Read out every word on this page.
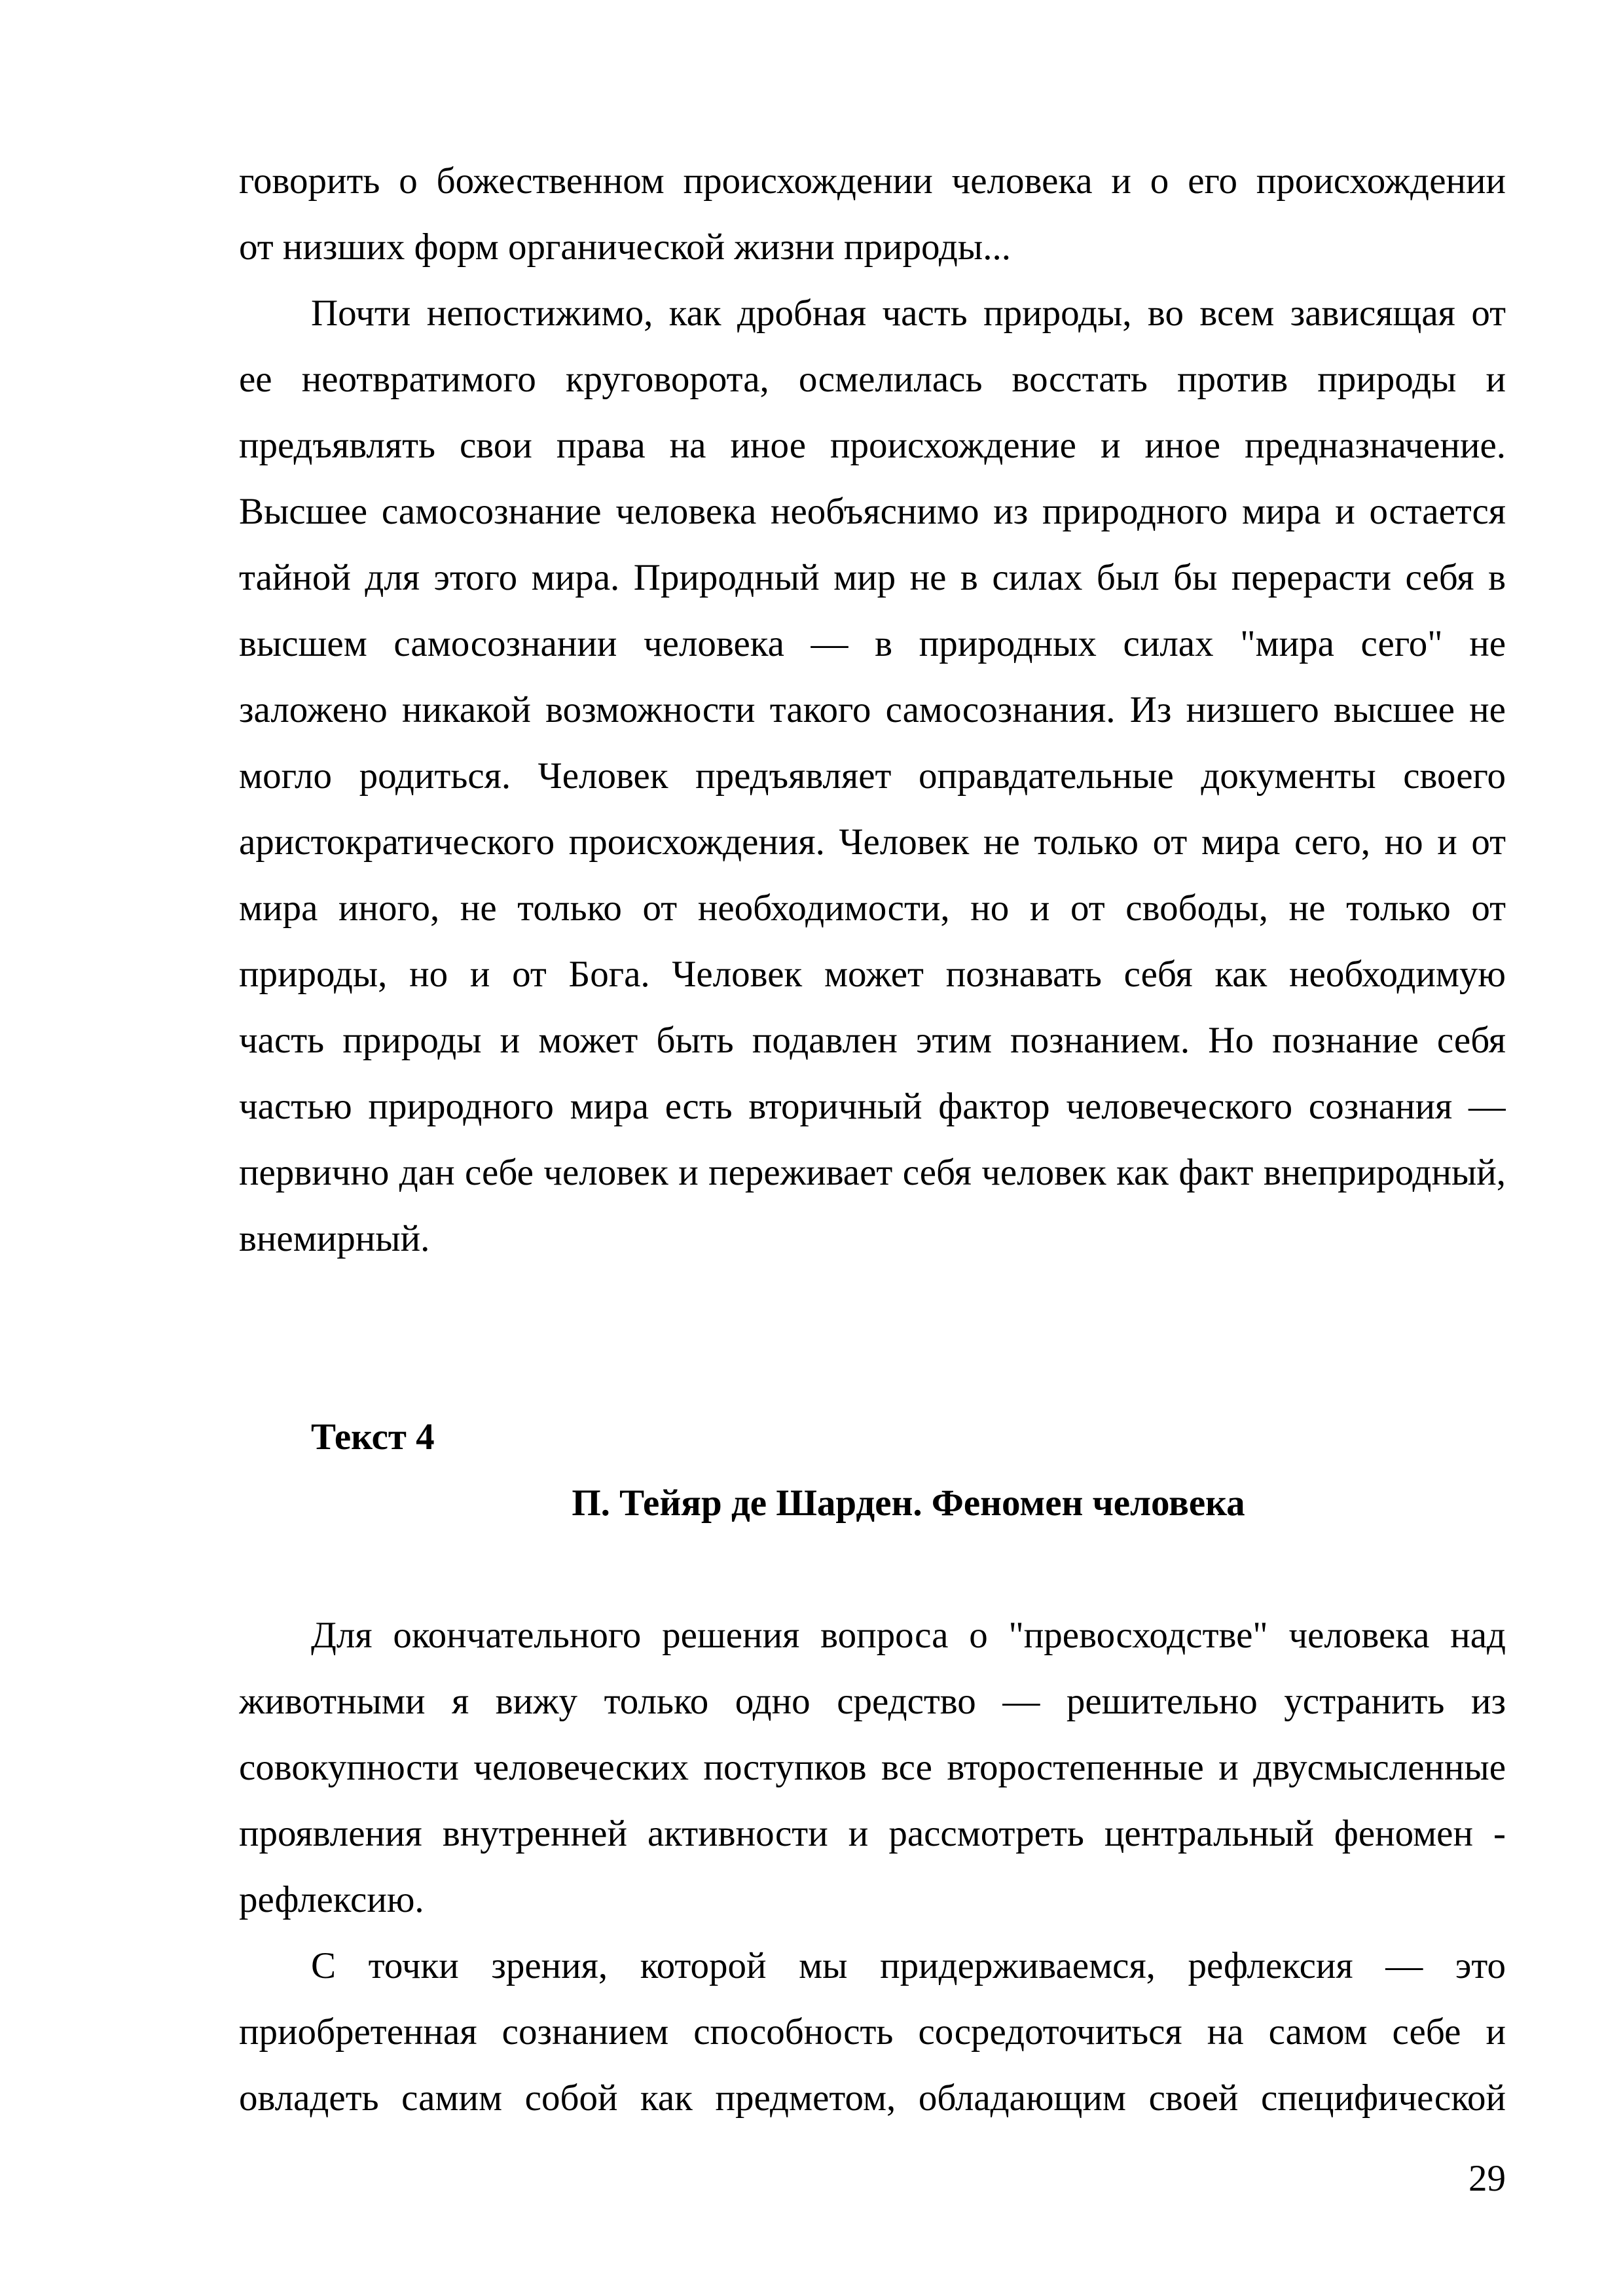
говорить о божественном происхождении человека и о его происхождении
от низших форм органической жизни природы...
Почти непостижимо, как дробная часть природы, во всем зависящая от
ее неотвратимого круговорота, осмелилась восстать против природы и
предъявлять свои права на иное происхождение и иное предназначение.
Высшее самосознание человека необъяснимо из природного мира и остается
тайной для этого мира. Природный мир не в силах был бы перерасти себя в
высшем самосознании человека — в природных силах "мира сего" не
заложено никакой возможности такого самосознания. Из низшего высшее не
могло родиться. Человек предъявляет оправдательные документы своего
аристократического происхождения. Человек не только от мира сего, но и от
мира иного, не только от необходимости, но и от свободы, не только от
природы, но и от Бога. Человек может познавать себя как необходимую
часть природы и может быть подавлен этим познанием. Но познание себя
частью природного мира есть вторичный фактор человеческого сознания —
первично дан себе человек и переживает себя человек как факт внеприродный,
внемирный.
Текст 4
П. Тейяр де Шарден. Феномен человека
Для окончательного решения вопроса о "превосходстве" человека над
животными я вижу только одно средство — решительно устранить из
совокупности человеческих поступков все второстепенные и двусмысленные
проявления внутренней активности и рассмотреть центральный феномен -
рефлексию.
С точки зрения, которой мы придерживаемся, рефлексия — это
приобретенная сознанием способность сосредоточиться на самом себе и
овладеть самим собой как предметом, обладающим своей специфической
29
